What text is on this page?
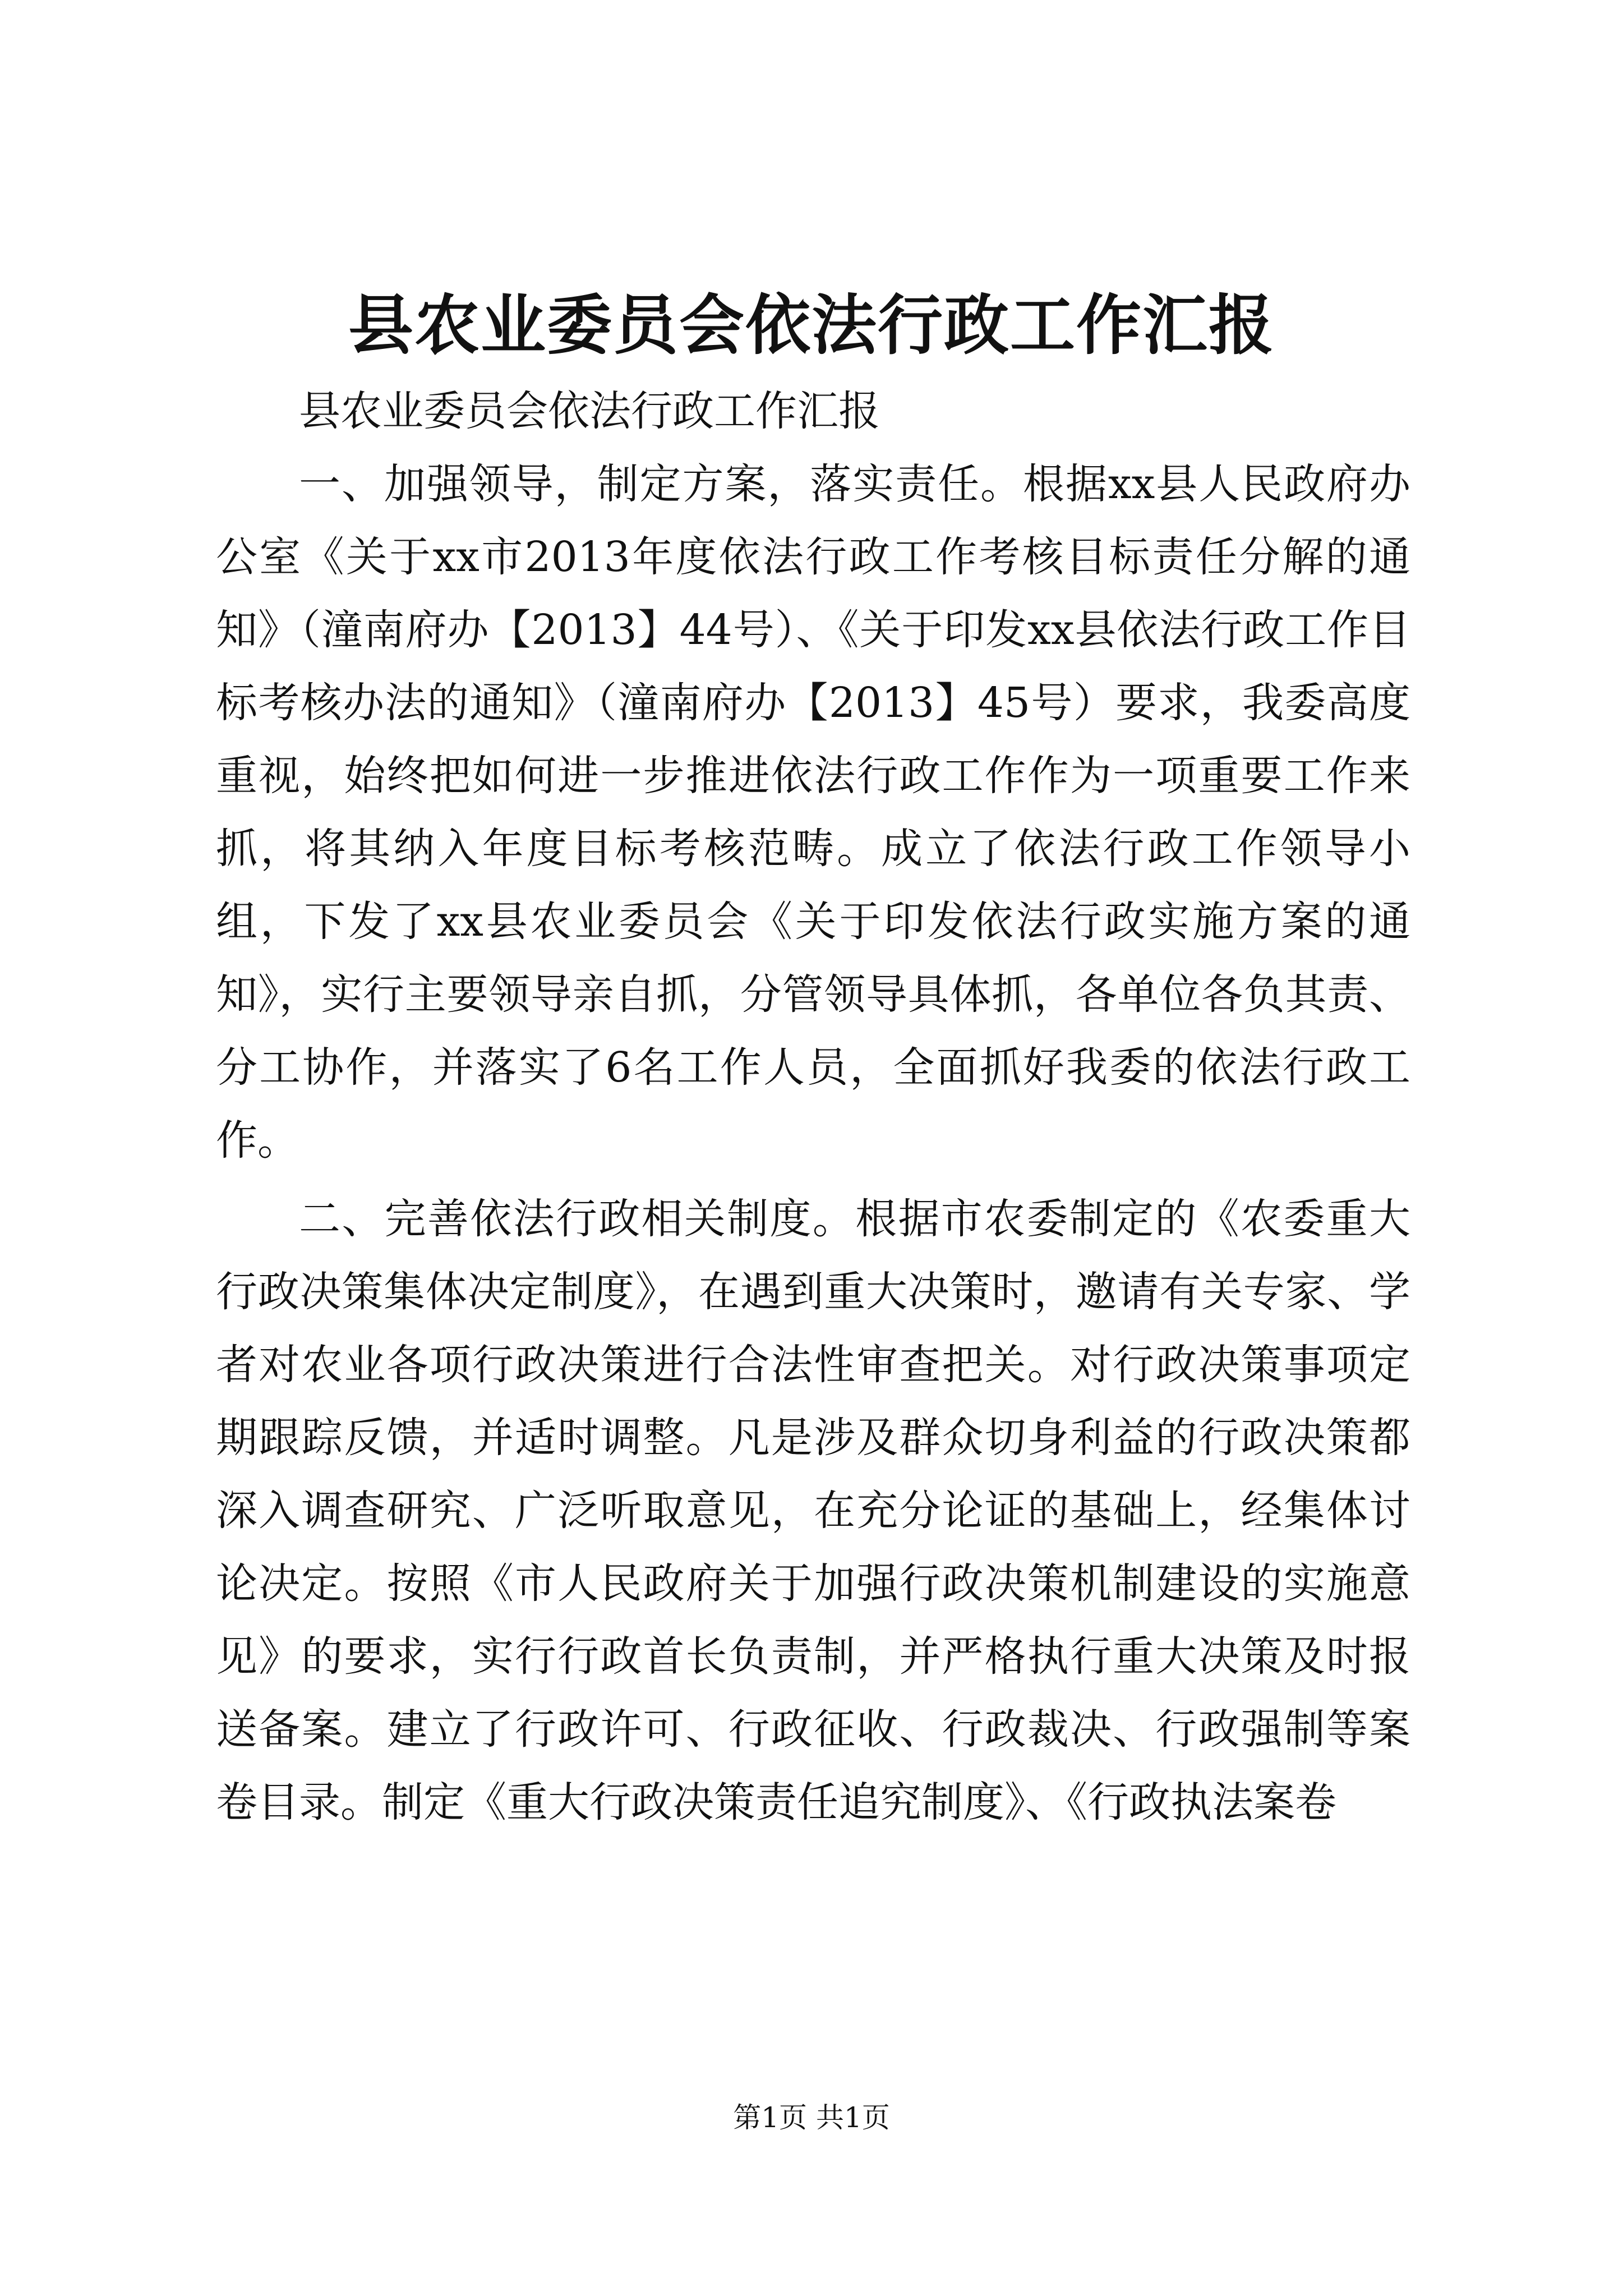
县农业委员会依法行政工作汇报

县农业委员会依法行政工作汇报

一、加强领导，制定方案，落实责任。根据xx县人民政府办公室《关于xx市2013年度依法行政工作考核目标责任分解的通知》（潼南府办【2013】44号）、《关于印发xx县依法行政工作目标考核办法的通知》（潼南府办【2013】45号）要求，我委高度重视，始终把如何进一步推进依法行政工作作为一项重要工作来抓，将其纳入年度目标考核范畴。成立了依法行政工作领导小组，下发了xx县农业委员会《关于印发依法行政实施方案的通知》，实行主要领导亲自抓，分管领导具体抓，各单位各负其责、分工协作，并落实了6名工作人员，全面抓好我委的依法行政工作。

二、完善依法行政相关制度。根据市农委制定的《农委重大行政决策集体决定制度》，在遇到重大决策时，邀请有关专家、学者对农业各项行政决策进行合法性审查把关。对行政决策事项定期跟踪反馈，并适时调整。凡是涉及群众切身利益的行政决策都深入调查研究、广泛听取意见，在充分论证的基础上，经集体讨论决定。按照《市人民政府关于加强行政决策机制建设的实施意见》的要求，实行行政首长负责制，并严格执行重大决策及时报送备案。建立了行政许可、行政征收、行政裁决、行政强制等案卷目录。制定《重大行政决策责任追究制度》、《行政执法案卷

第1页 共1页
